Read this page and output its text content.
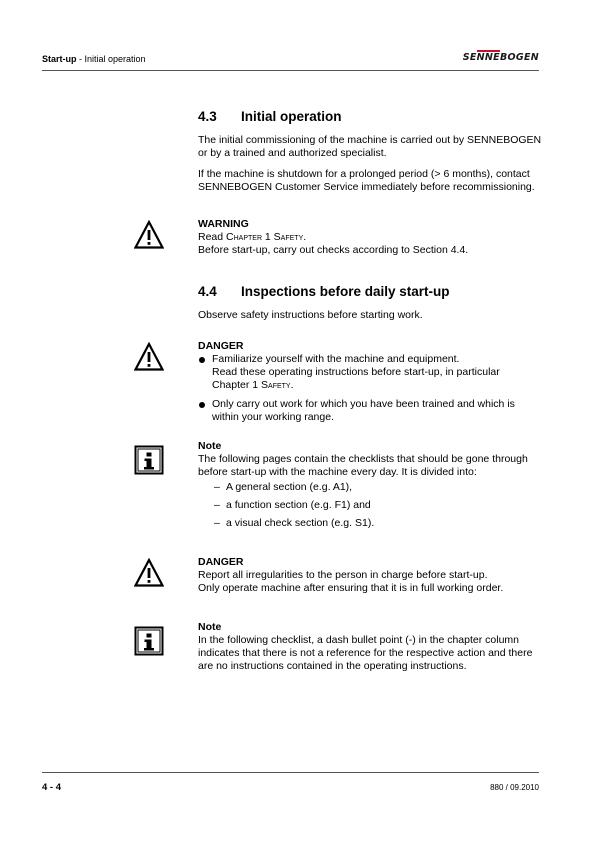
Start-up - Initial operation	SENNEBOGEN
4.3 Initial operation

The initial commissioning of the machine is carried out by SENNEBOGEN or by a trained and authorized specialist.

If the machine is shutdown for a prolonged period (> 6 months), contact SENNEBOGEN Customer Service immediately before recommissioning.

WARNING
Read Chapter 1 Safety.
Before start-up, carry out checks according to Section 4.4.
4.4 Inspections before daily start-up

Observe safety instructions before starting work.

DANGER
Familiarize yourself with the machine and equipment.
Read these operating instructions before start-up, in particular
Chapter 1 Safety.
Only carry out work for which you have been trained and which is within your working range.
Note
The following pages contain the checklists that should be gone through before start-up with the machine every day. It is divided into:
– A general section (e.g. A1),
– a function section (e.g. F1) and
– a visual check section (e.g. S1).
DANGER
Report all irregularities to the person in charge before start-up.
Only operate machine after ensuring that it is in full working order.
Note
In the following checklist, a dash bullet point (-) in the chapter column indicates that there is not a reference for the respective action and there are no instructions contained in the operating instructions.
4 - 4	880 / 09.2010
